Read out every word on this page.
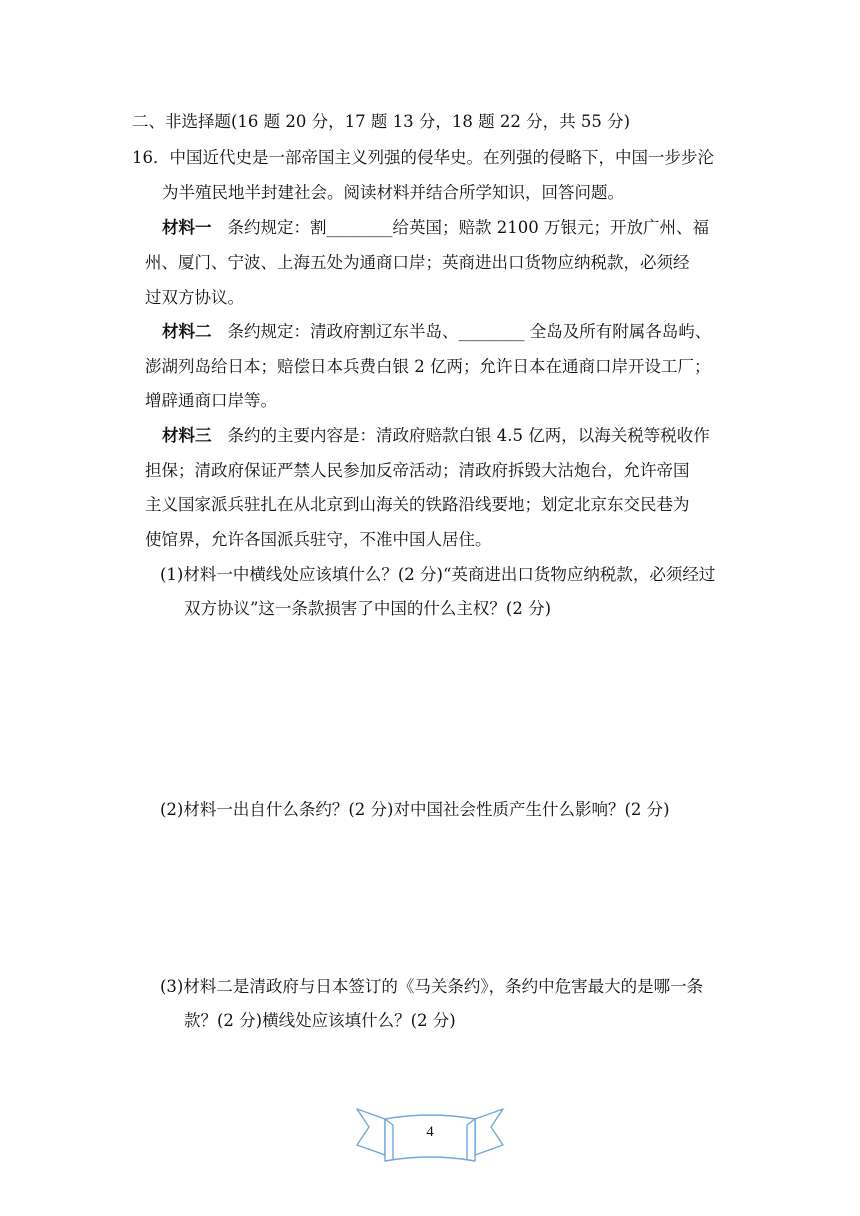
二、非选择题(16 题 20 分，17 题 13 分，18 题 22 分，共 55 分)
16．中国近代史是一部帝国主义列强的侵华史。在列强的侵略下，中国一步步沦
为半殖民地半封建社会。阅读材料并结合所学知识，回答问题。
材料一 条约规定：割________给英国；赔款 2100 万银元；开放广州、福
州、厦门、宁波、上海五处为通商口岸；英商进出口货物应纳税款，必须经
过双方协议。
材料二 条约规定：清政府割辽东半岛、________ 全岛及所有附属各岛屿、
澎湖列岛给日本；赔偿日本兵费白银 2 亿两；允许日本在通商口岸开设工厂；
增辟通商口岸等。
材料三 条约的主要内容是：清政府赔款白银 4.5 亿两，以海关税等税收作
担保；清政府保证严禁人民参加反帝活动；清政府拆毁大沽炮台，允许帝国
主义国家派兵驻扎在从北京到山海关的铁路沿线要地；划定北京东交民巷为
使馆界，允许各国派兵驻守，不准中国人居住。
(1)材料一中横线处应该填什么？(2 分)“英商进出口货物应纳税款，必须经过
双方协议”这一条款损害了中国的什么主权？(2 分)
(2)材料一出自什么条约？(2 分)对中国社会性质产生什么影响？(2 分)
(3)材料二是清政府与日本签订的《马关条约》，条约中危害最大的是哪一条
款？(2 分)横线处应该填什么？(2 分)
4
